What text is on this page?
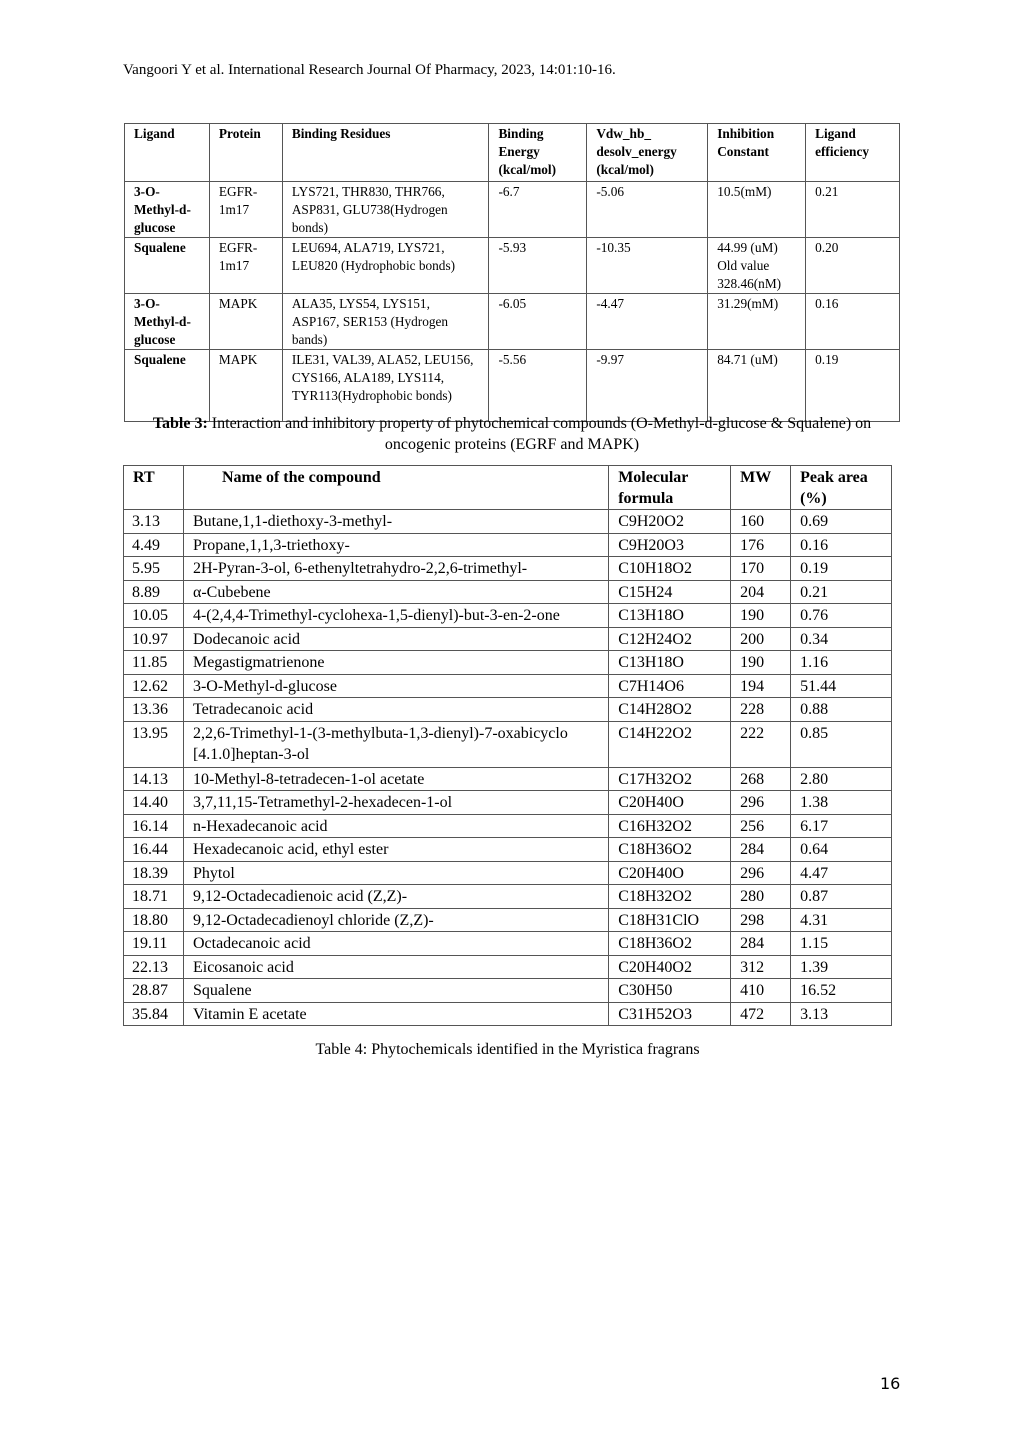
Vangoori Y et al. International Research Journal Of Pharmacy, 2023, 14:01:10-16.
Ligand	Protein	Binding Residues	Binding Energy (kcal/mol)	Vdw_hb_ desolv_energy (kcal/mol)	Inhibition Constant	Ligand efficiency
3-O-Methyl-d-glucose	EGFR-1m17	LYS721, THR830, THR766, ASP831, GLU738(Hydrogen bonds)	-6.7	-5.06	10.5(mM)	0.21
Squalene	EGFR-1m17	LEU694, ALA719, LYS721, LEU820 (Hydrophobic bonds)	-5.93	-10.35	44.99 (uM) Old value 328.46(nM)	0.20
3-O-Methyl-d-glucose	MAPK	ALA35, LYS54, LYS151, ASP167, SER153 (Hydrogen bands)	-6.05	-4.47	31.29(mM)	0.16
Squalene	MAPK	ILE31, VAL39, ALA52, LEU156, CYS166, ALA189, LYS114, TYR113(Hydrophobic bonds)	-5.56	-9.97	84.71 (uM)	0.19
Table 3: Interaction and inhibitory property of phytochemical compounds (O-Methyl-d-glucose & Squalene) on oncogenic proteins (EGRF and MAPK)
RT	Name of the compound	Molecular formula	MW	Peak area (%)
3.13	Butane,1,1-diethoxy-3-methyl-	C9H20O2	160	0.69
4.49	Propane,1,1,3-triethoxy-	C9H20O3	176	0.16
5.95	2H-Pyran-3-ol, 6-ethenyltetrahydro-2,2,6-trimethyl-	C10H18O2	170	0.19
8.89	α-Cubebene	C15H24	204	0.21
10.05	4-(2,4,4-Trimethyl-cyclohexa-1,5-dienyl)-but-3-en-2-one	C13H18O	190	0.76
10.97	Dodecanoic acid	C12H24O2	200	0.34
11.85	Megastigmatrienone	C13H18O	190	1.16
12.62	3-O-Methyl-d-glucose	C7H14O6	194	51.44
13.36	Tetradecanoic acid	C14H28O2	228	0.88
13.95	2,2,6-Trimethyl-1-(3-methylbuta-1,3-dienyl)-7-oxabicyclo [4.1.0]heptan-3-ol	C14H22O2	222	0.85
14.13	10-Methyl-8-tetradecen-1-ol acetate	C17H32O2	268	2.80
14.40	3,7,11,15-Tetramethyl-2-hexadecen-1-ol	C20H40O	296	1.38
16.14	n-Hexadecanoic acid	C16H32O2	256	6.17
16.44	Hexadecanoic acid, ethyl ester	C18H36O2	284	0.64
18.39	Phytol	C20H40O	296	4.47
18.71	9,12-Octadecadienoic acid (Z,Z)-	C18H32O2	280	0.87
18.80	9,12-Octadecadienoyl chloride (Z,Z)-	C18H31ClO	298	4.31
19.11	Octadecanoic acid	C18H36O2	284	1.15
22.13	Eicosanoic acid	C20H40O2	312	1.39
28.87	Squalene	C30H50	410	16.52
35.84	Vitamin E acetate	C31H52O3	472	3.13
Table 4: Phytochemicals identified in the Myristica fragrans
16
